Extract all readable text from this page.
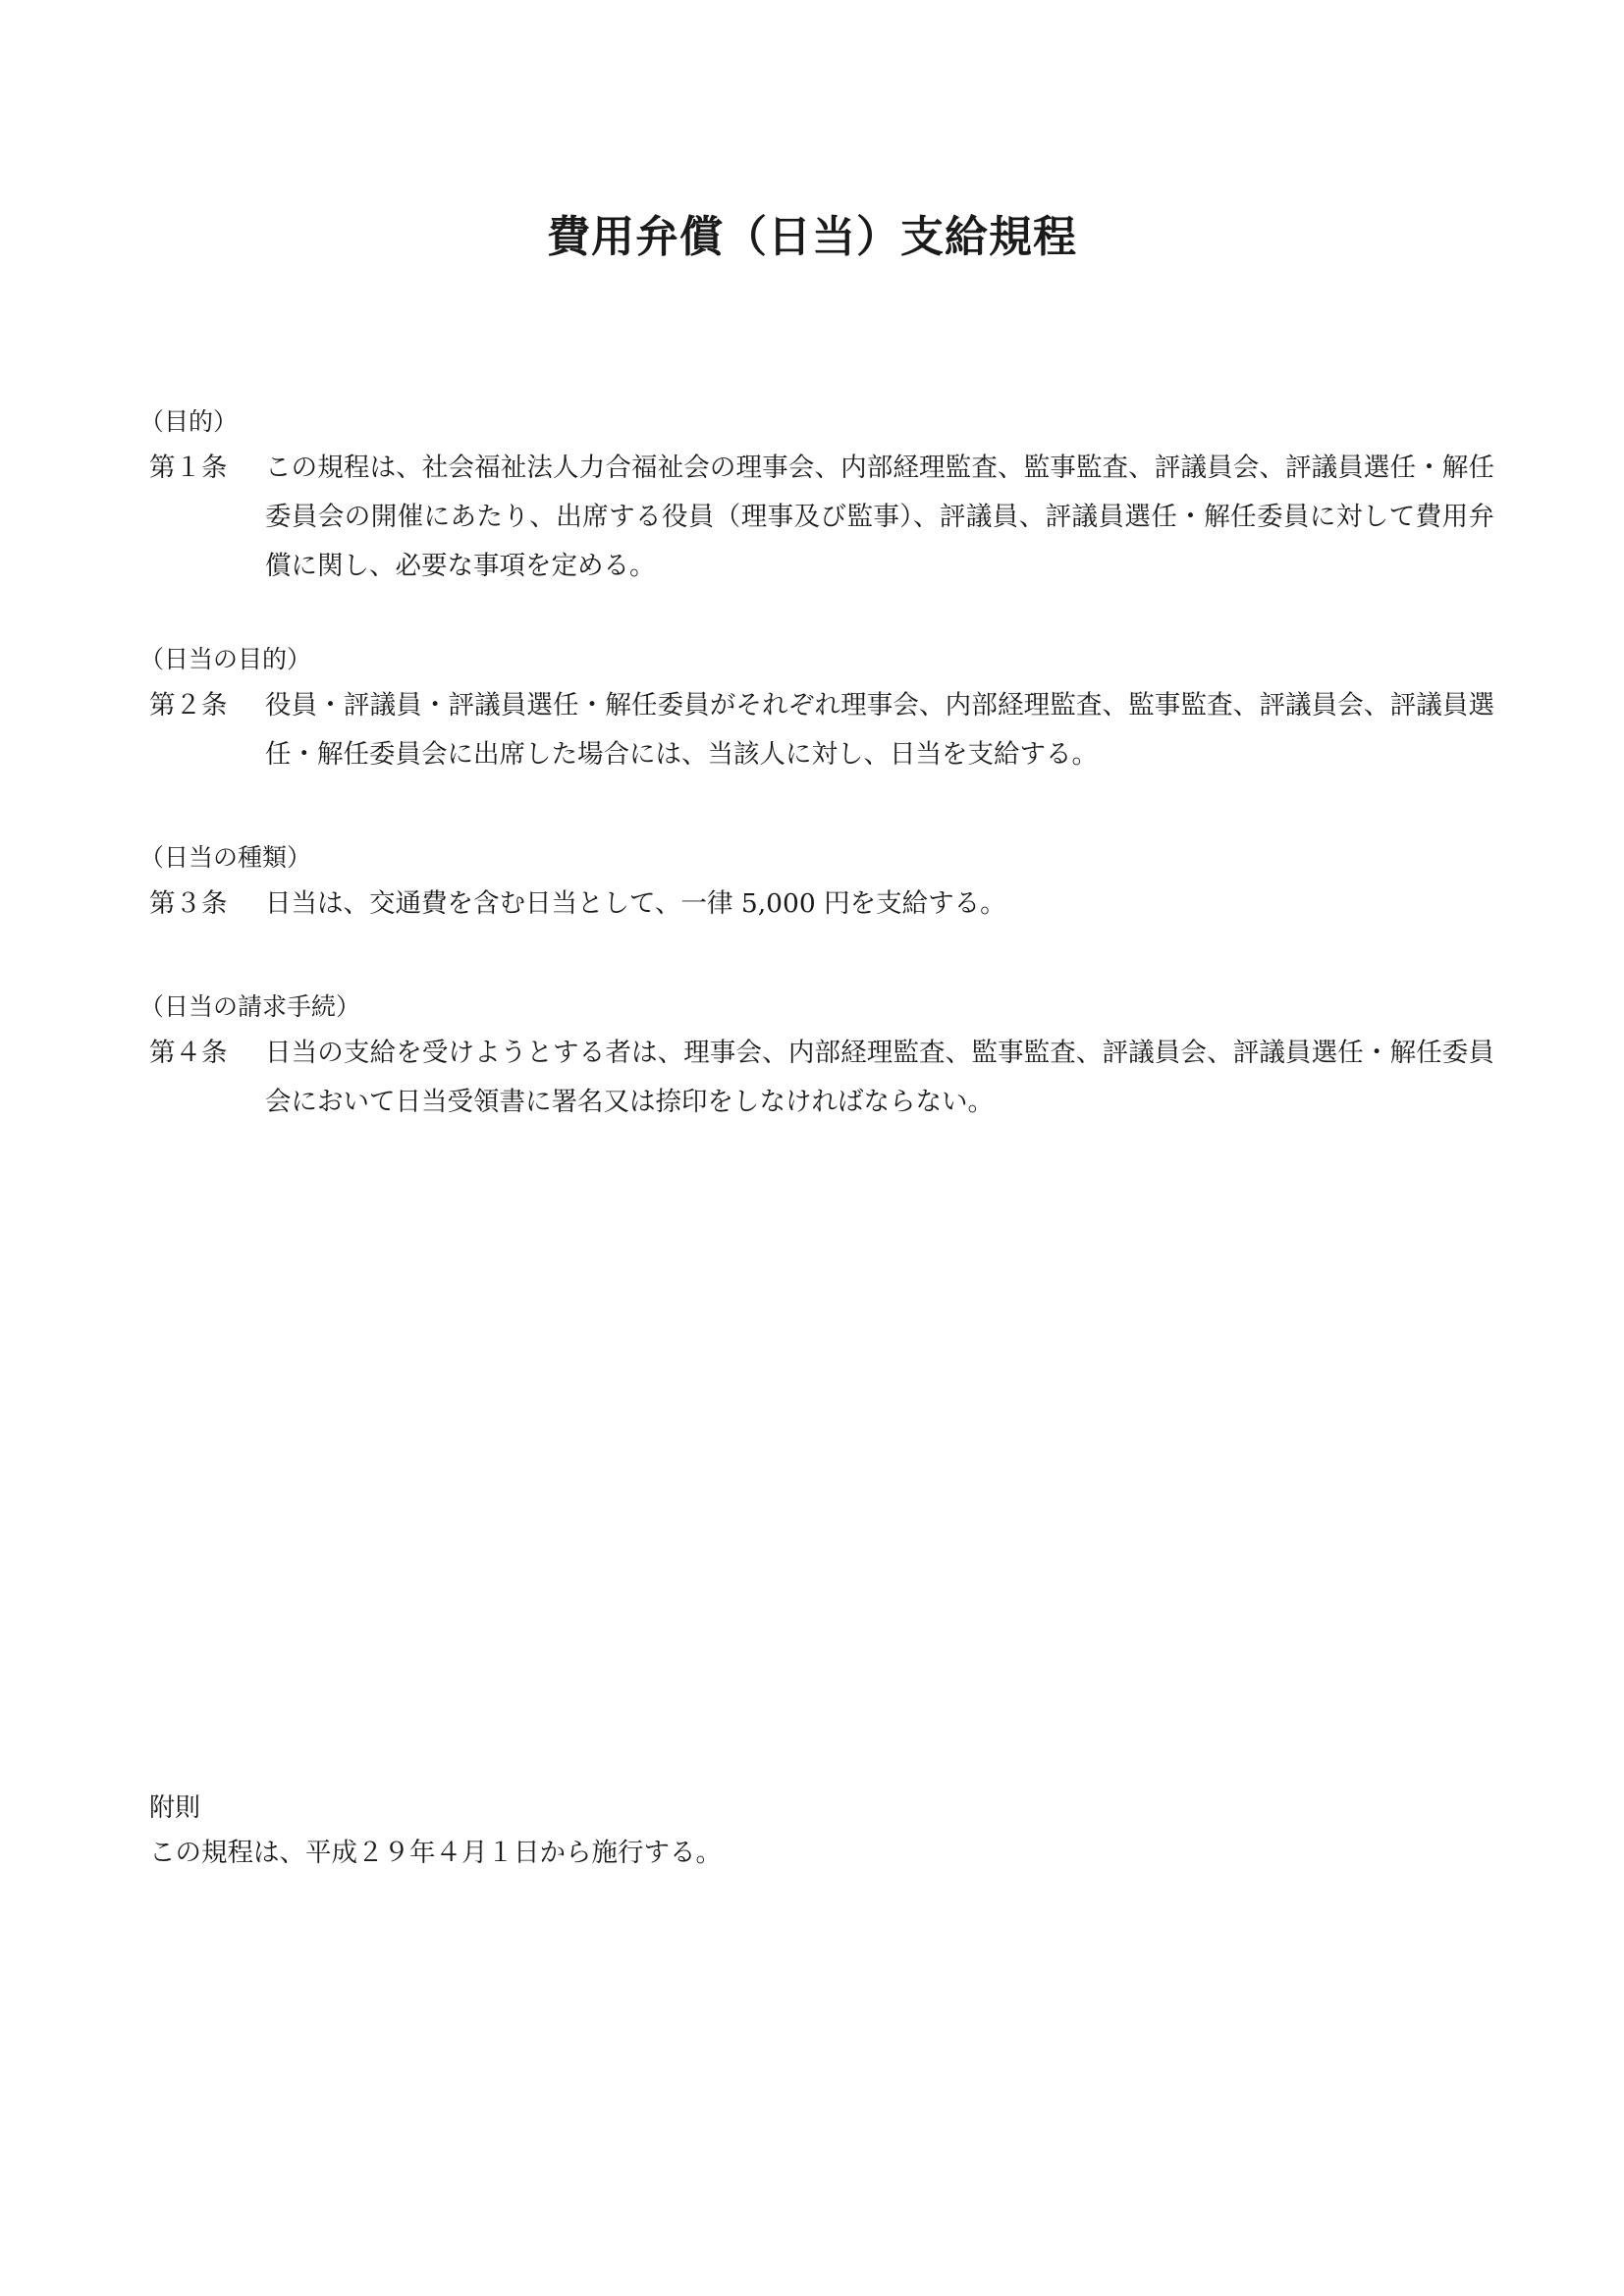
費用弁償（日当）支給規程

（目的）

第１条	この規程は、社会福祉法人力合福祉会の理事会、内部経理監査、監事監査、評議員会、評議員選任・解任委員会の開催にあたり、出席する役員（理事及び監事）、評議員、評議員選任・解任委員に対して費用弁償に関し、必要な事項を定める。

（日当の目的）

第２条	役員・評議員・評議員選任・解任委員がそれぞれ理事会、内部経理監査、監事監査、評議員会、評議員選任・解任委員会に出席した場合には、当該人に対し、日当を支給する。

（日当の種類）

第３条	日当は、交通費を含む日当として、一律 5,000 円を支給する。

（日当の請求手続）

第４条	日当の支給を受けようとする者は、理事会、内部経理監査、監事監査、評議員会、評議員選任・解任委員会において日当受領書に署名又は捺印をしなければならない。

附則

この規程は、平成２９年４月１日から施行する。
